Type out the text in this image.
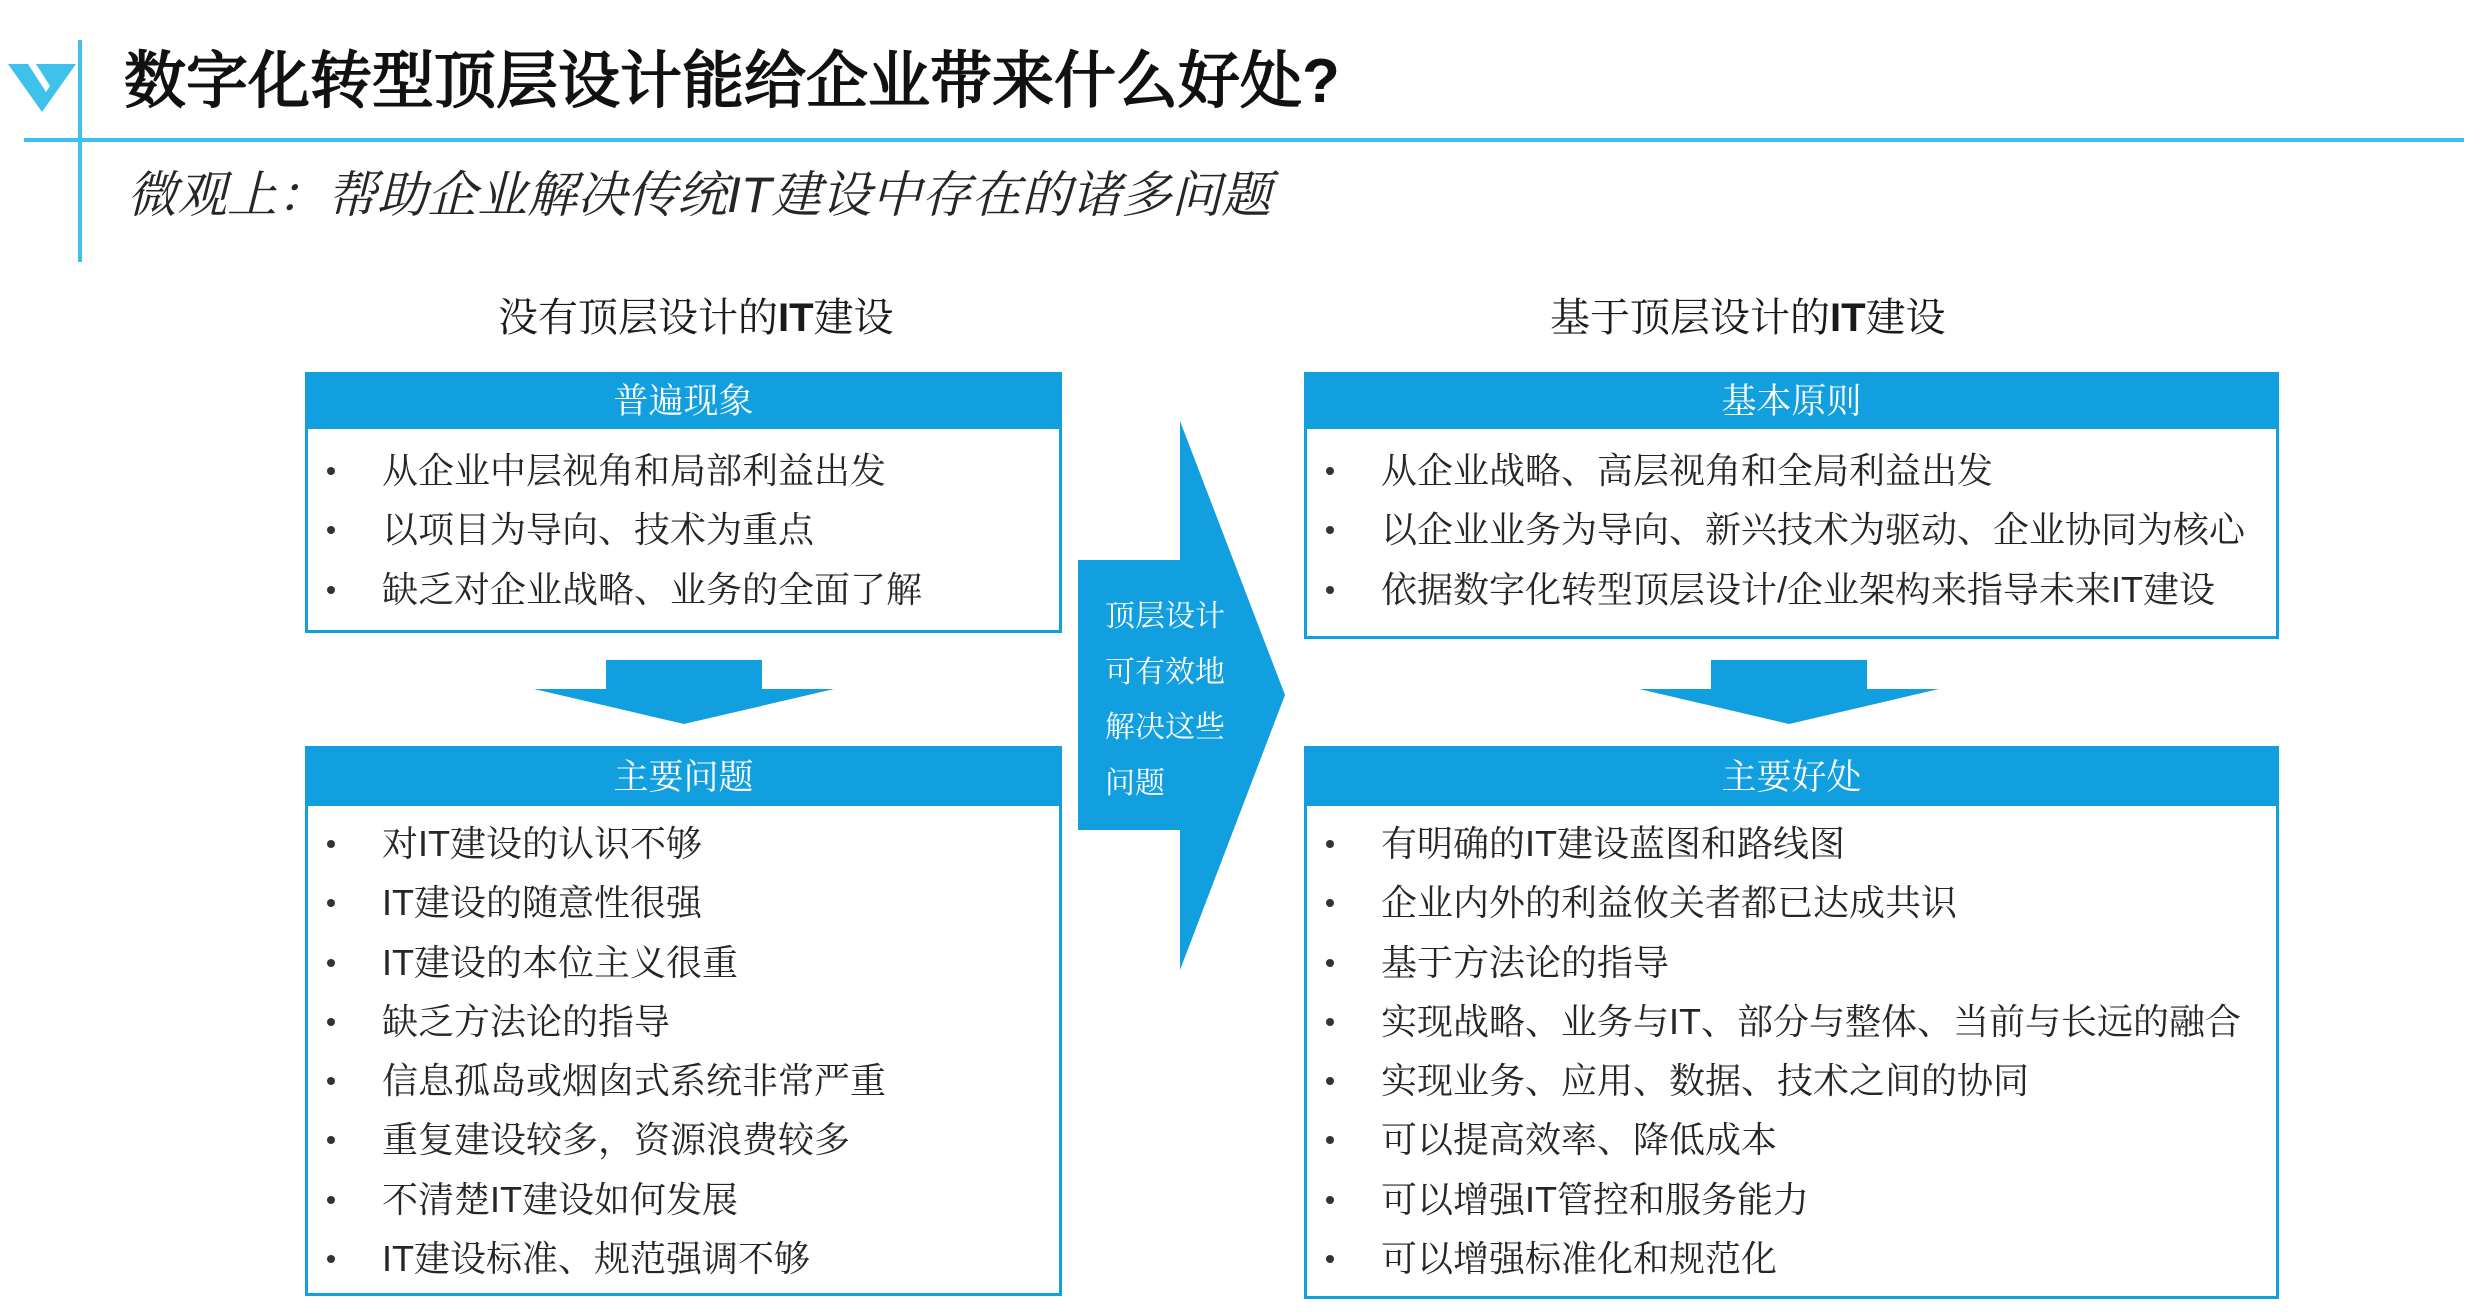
数字化转型顶层设计能给企业带来什么好处?
微观上：帮助企业解决传统IT建设中存在的诸多问题
没有顶层设计的IT建设	基于顶层设计的IT建设
顶层设计
可有效地
解决这些
问题
普遍现象
从企业中层视角和局部利益出发
以项目为导向、技术为重点
缺乏对企业战略、业务的全面了解
主要问题
对IT建设的认识不够
IT建设的随意性很强
IT建设的本位主义很重
缺乏方法论的指导
信息孤岛或烟囱式系统非常严重
重复建设较多，资源浪费较多
不清楚IT建设如何发展
IT建设标准、规范强调不够
基本原则
从企业战略、高层视角和全局利益出发
以企业业务为导向、新兴技术为驱动、企业协同为核心
依据数字化转型顶层设计/企业架构来指导未来IT建设
主要好处
有明确的IT建设蓝图和路线图
企业内外的利益攸关者都已达成共识
基于方法论的指导
实现战略、业务与IT、部分与整体、当前与长远的融合
实现业务、应用、数据、技术之间的协同
可以提高效率、降低成本
可以增强IT管控和服务能力
可以增强标准化和规范化
